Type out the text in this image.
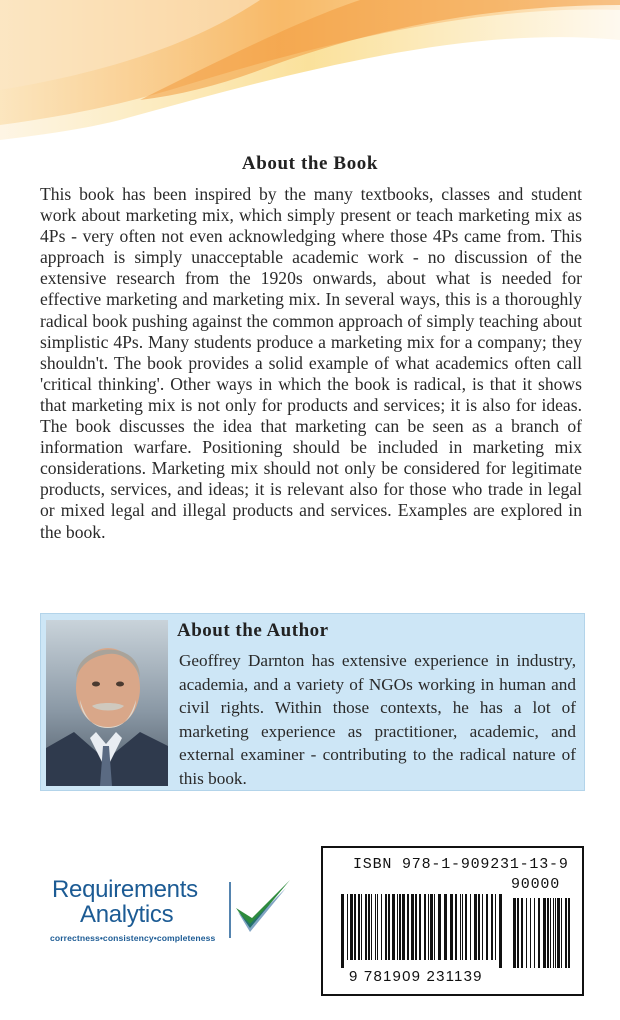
About the Book
This book has been inspired by the many textbooks, classes and student work about marketing mix, which simply present or teach marketing mix as 4Ps - very often not even acknowledging where those 4Ps came from. This approach is simply unacceptable academic work - no discussion of the extensive research from the 1920s onwards, about what is needed for effective marketing and marketing mix. In several ways, this is a thoroughly radical book pushing against the common approach of simply teaching about simplistic 4Ps. Many students produce a marketing mix for a company; they shouldn't. The book provides a solid example of what academics often call 'critical thinking'. Other ways in which the book is radical, is that it shows that marketing mix is not only for products and services; it is also for ideas. The book discusses the idea that marketing can be seen as a branch of information warfare. Positioning should be included in marketing mix considerations. Marketing mix should not only be considered for legitimate products, services, and ideas; it is relevant also for those who trade in legal or mixed legal and illegal products and services. Examples are explored in the book.
About the Author
Geoffrey Darnton has extensive experience in industry, academia, and a variety of NGOs working in human and civil rights. Within those contexts, he has a lot of marketing experience as practitioner, academic, and external examiner - contributing to the radical nature of this book.
Requirements
Analytics
correctness•consistency•completeness
ISBN 978-1-909231-13-9
90000
9 781909 231139
